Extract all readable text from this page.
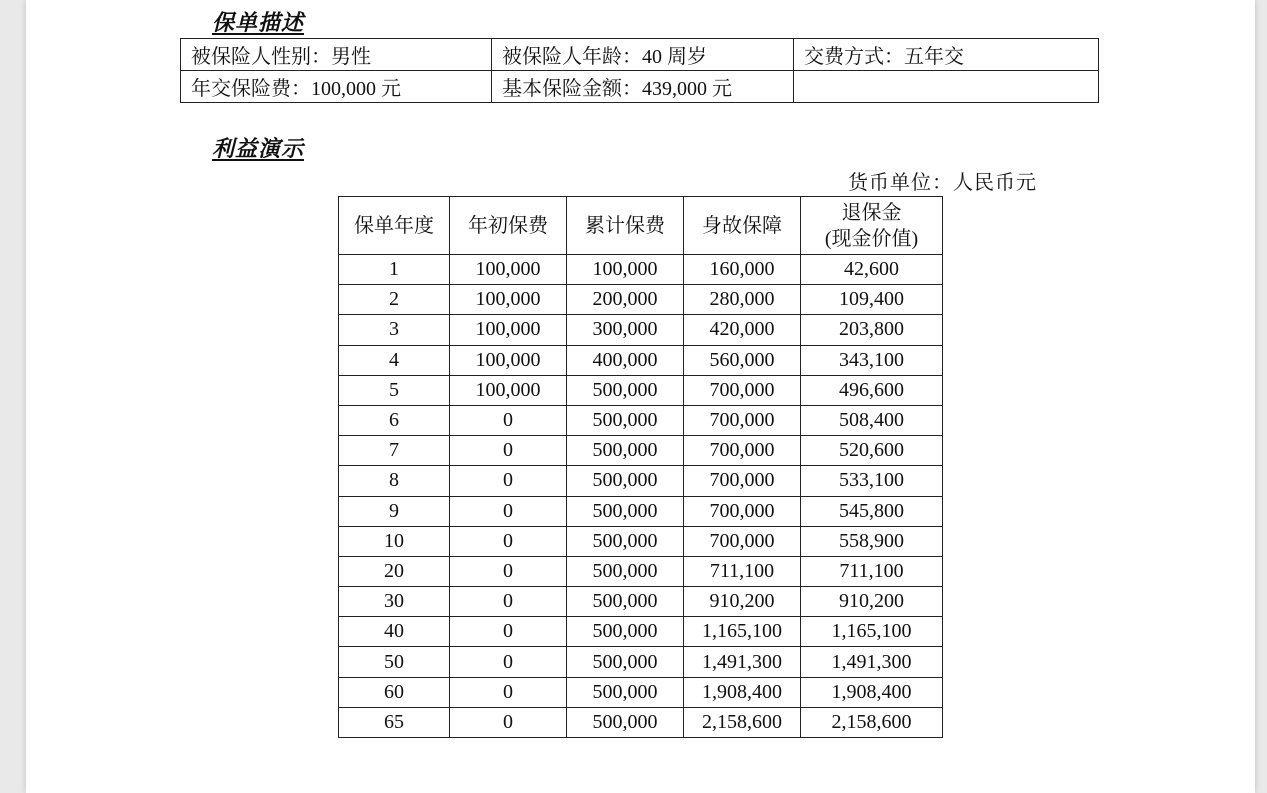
保单描述
被保险人性别：男性	被保险人年龄：40 周岁	交费方式：五年交
年交保险费：100,000 元	基本保险金额：439,000 元	
利益演示
货币单位：人民币元
保单年度	年初保费	累计保费	身故保障	退保金
(现金价值)

1	100,000	100,000	160,000	42,600
2	100,000	200,000	280,000	109,400
3	100,000	300,000	420,000	203,800
4	100,000	400,000	560,000	343,100
5	100,000	500,000	700,000	496,600
6	0	500,000	700,000	508,400
7	0	500,000	700,000	520,600
8	0	500,000	700,000	533,100
9	0	500,000	700,000	545,800
10	0	500,000	700,000	558,900
20	0	500,000	711,100	711,100
30	0	500,000	910,200	910,200
40	0	500,000	1,165,100	1,165,100
50	0	500,000	1,491,300	1,491,300
60	0	500,000	1,908,400	1,908,400
65	0	500,000	2,158,600	2,158,600
